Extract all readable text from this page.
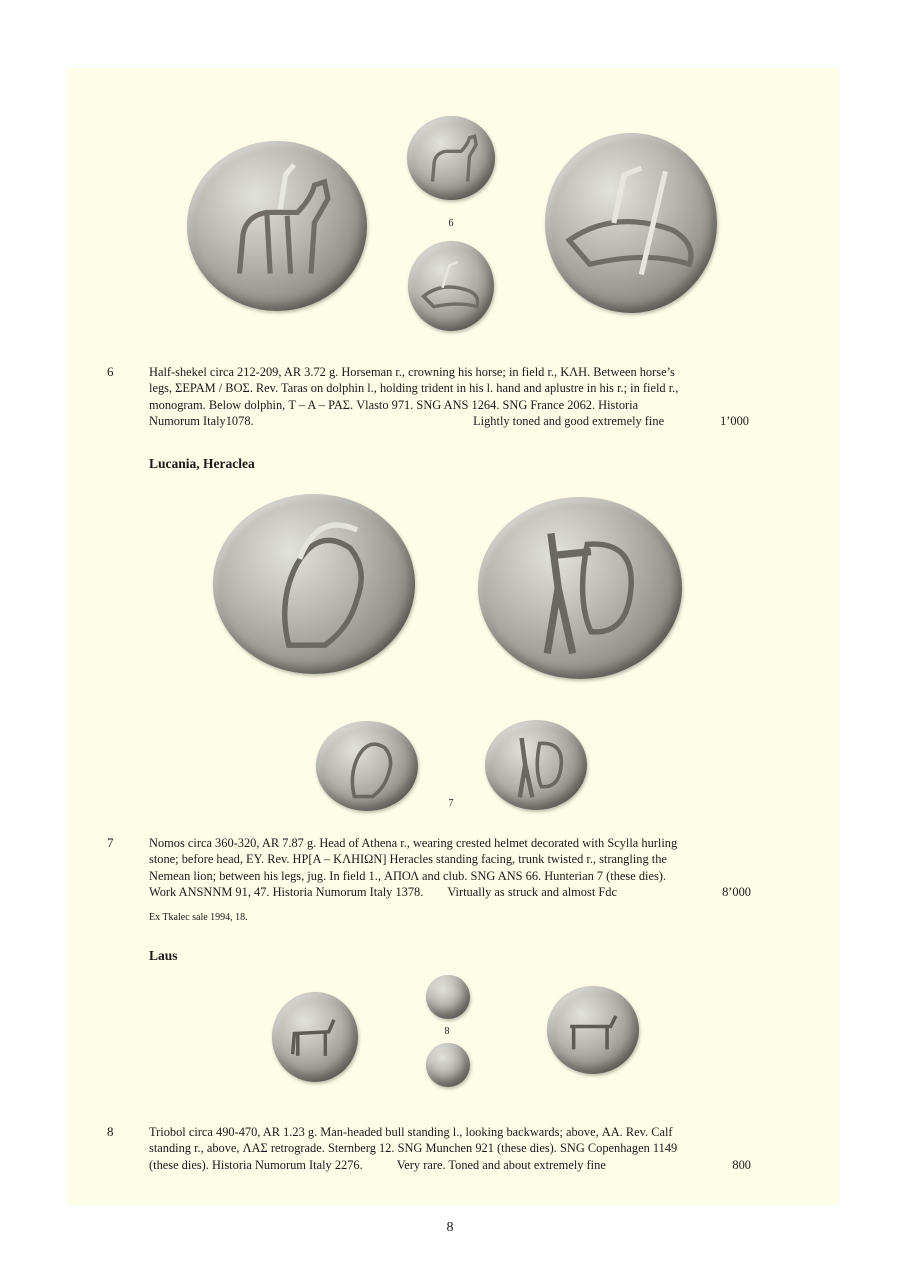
6
6	Half-shekel circa 212-209, AR 3.72 g. Horseman r., crowning his horse; in field r., ΚΛΗ. Between horse’s
legs, ΣΕΡΑΜ / ΒΟΣ. Rev. Taras on dolphin l., holding trident in his l. hand and aplustre in his r.; in field r.,
monogram. Below dolphin, Τ – Α – ΡΑΣ. Vlasto 971. SNG ANS 1264. SNG France 2062. Historia
Numorum Italy1078.	Lightly toned and good extremely fine	1’000
Lucania, Heraclea
7
7	Nomos circa 360-320, AR 7.87 g. Head of Athena r., wearing crested helmet decorated with Scylla hurling
stone; before head, ΕΥ. Rev. ΗΡ[Α – ΚΛΗΙΩΝ] Heracles standing facing, trunk twisted r., strangling the
Nemean lion; between his legs, jug. In field 1., ΑΠΟΛ and club. SNG ANS 66. Hunterian 7 (these dies).
Work ANSNNM 91, 47. Historia Numorum Italy 1378. Virtually as struck and almost Fdc	8’000
Ex Tkalec sale 1994, 18.
Laus
8
8	Triobol circa 490-470, AR 1.23 g. Man-headed bull standing l., looking backwards; above, ΑΑ. Rev. Calf
standing r., above, ΛΑΣ retrograde. Sternberg 12. SNG Munchen 921 (these dies). SNG Copenhagen 1149
(these dies). Historia Numorum Italy 2276.	Very rare. Toned and about extremely fine	800
8
